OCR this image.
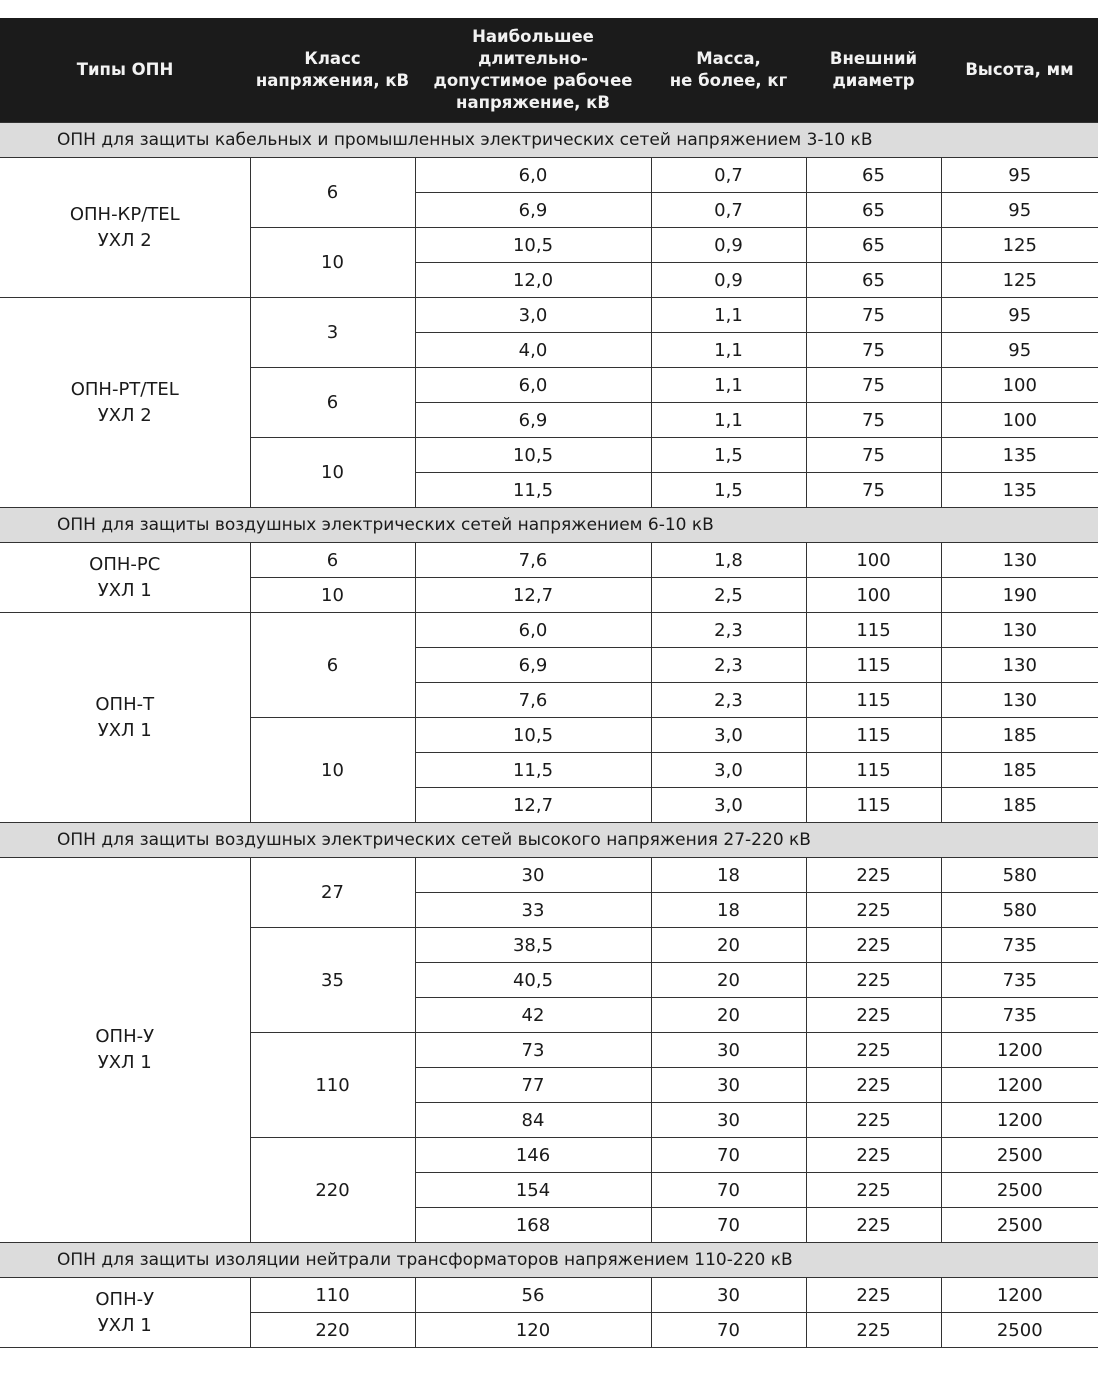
Типы ОПН	Класс
напряжения, кВ	Наибольшее длительно-
допустимое рабочее
напряжение, кВ	Масса,
не более, кг	Внешний
диаметр	Высота, мм
ОПН для защиты кабельных и промышленных электрических сетей напряжением 3-10 кВ					
ОПН-КР/TEL
УХЛ 2	6	6,0	0,7	65	95
		6,9	0,7	65	95
	10	10,5	0,9	65	125
		12,0	0,9	65	125
ОПН-РТ/TEL
УХЛ 2	3	3,0	1,1	75	95
		4,0	1,1	75	95
	6	6,0	1,1	75	100
		6,9	1,1	75	100
	10	10,5	1,5	75	135
		11,5	1,5	75	135
ОПН для защиты воздушных электрических сетей напряжением 6-10 кВ					
ОПН-РС
УХЛ 1	6	7,6	1,8	100	130
	10	12,7	2,5	100	190
ОПН-Т
УХЛ 1	6	6,0	2,3	115	130
		6,9	2,3	115	130
		7,6	2,3	115	130
	10	10,5	3,0	115	185
		11,5	3,0	115	185
		12,7	3,0	115	185
ОПН для защиты воздушных электрических сетей высокого напряжения 27-220 кВ					
ОПН-У
УХЛ 1	27	30	18	225	580
		33	18	225	580
	35	38,5	20	225	735
		40,5	20	225	735
		42	20	225	735
	110	73	30	225	1200
		77	30	225	1200
		84	30	225	1200
	220	146	70	225	2500
		154	70	225	2500
		168	70	225	2500
ОПН для защиты изоляции нейтрали трансформаторов напряжением 110-220 кВ					
ОПН-У
УХЛ 1	110	56	30	225	1200
	220	120	70	225	2500
